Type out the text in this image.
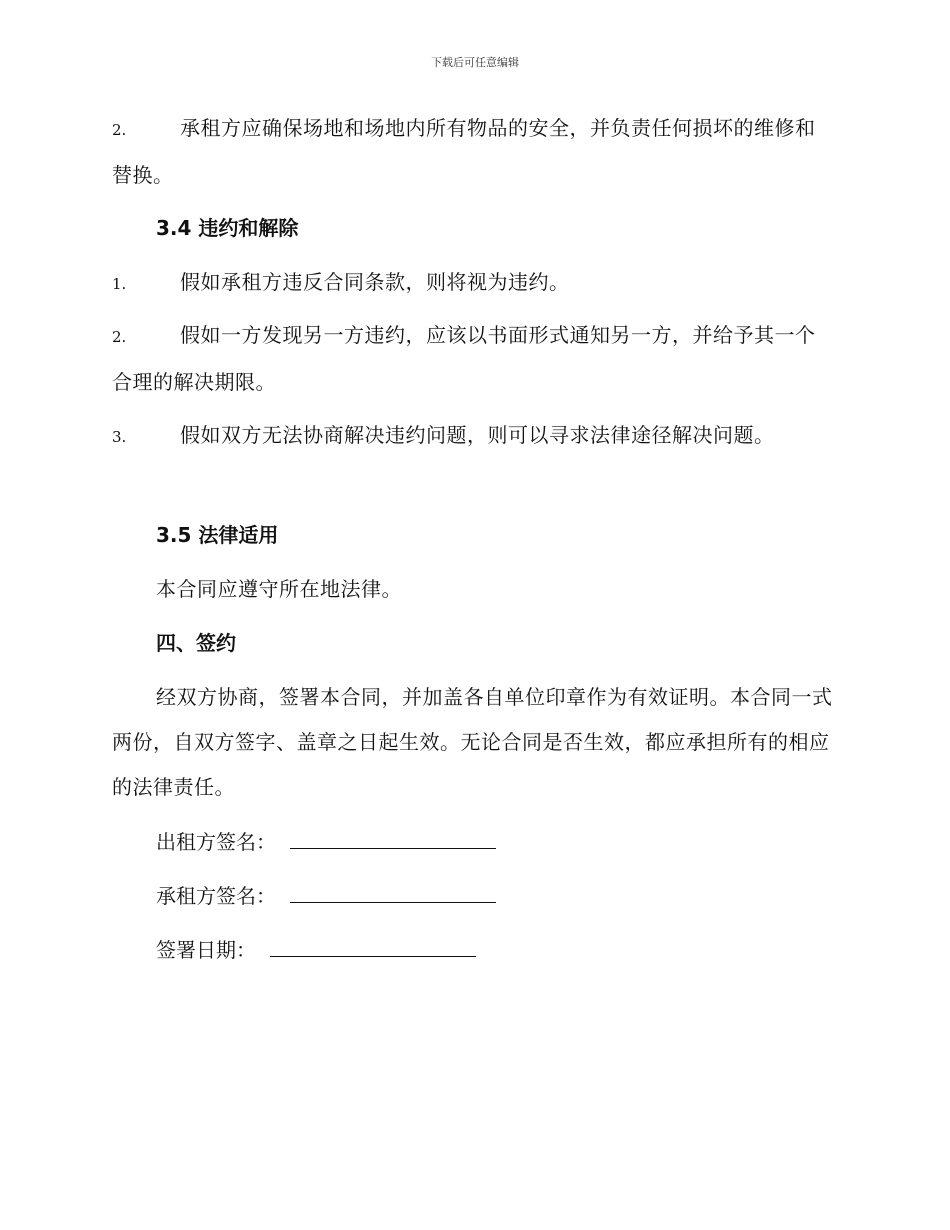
下载后可任意编辑

2.	承租方应确保场地和场地内所有物品的安全，并负责任何损坏的维修和替换。

3.4 违约和解除

1.	假如承租方违反合同条款，则将视为违约。

2.	假如一方发现另一方违约，应该以书面形式通知另一方，并给予其一个合理的解决期限。

3.	假如双方无法协商解决违约问题，则可以寻求法律途径解决问题。

3.5 法律适用

本合同应遵守所在地法律。

四、签约

经双方协商，签署本合同，并加盖各自单位印章作为有效证明。本合同一式两份，自双方签字、盖章之日起生效。无论合同是否生效，都应承担所有的相应的法律责任。

出租方签名：
承租方签名：
签署日期：
